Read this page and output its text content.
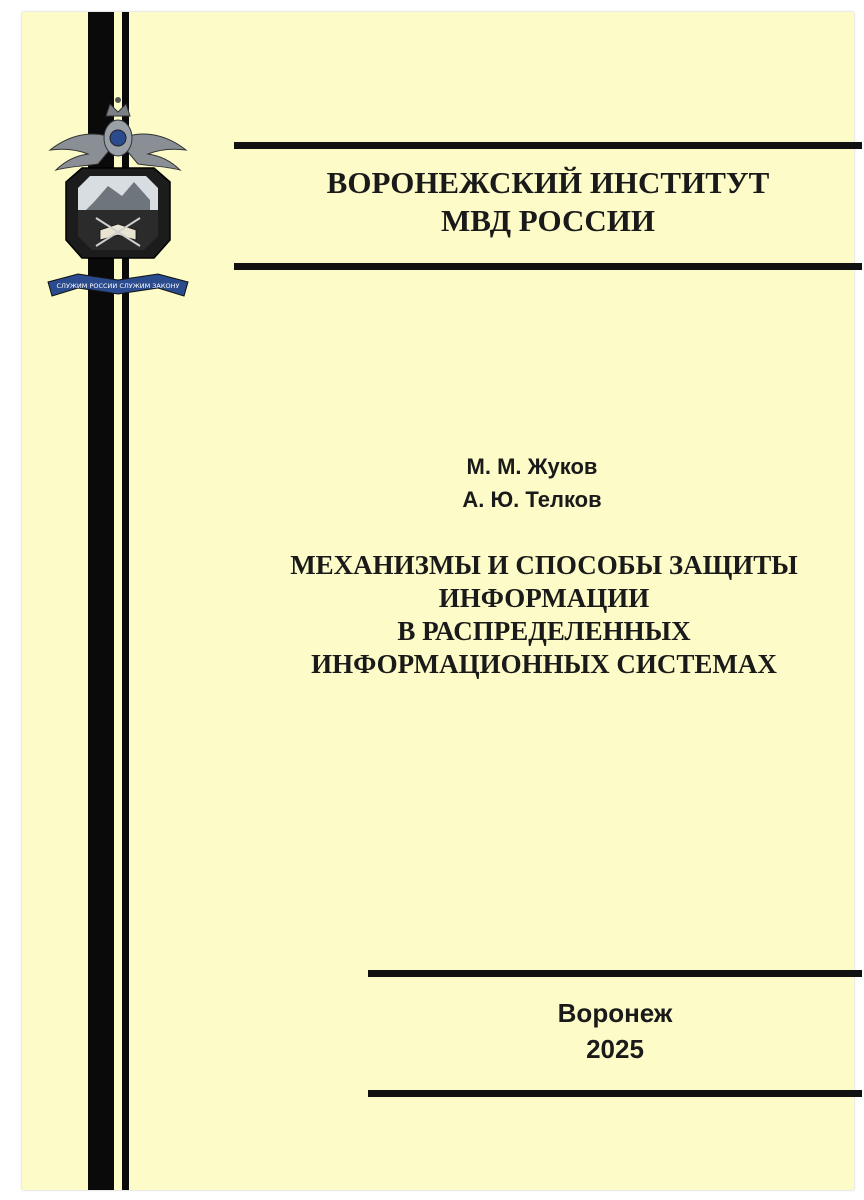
СЛУЖИМ РОССИИ СЛУЖИМ ЗАКОНУ
ВОРОНЕЖСКИЙ ИНСТИТУТ
МВД РОССИИ
М. М. Жуков
А. Ю. Телков
МЕХАНИЗМЫ И СПОСОБЫ ЗАЩИТЫ
ИНФОРМАЦИИ
В РАСПРЕДЕЛЕННЫХ
ИНФОРМАЦИОННЫХ СИСТЕМАХ
Воронеж
2025
